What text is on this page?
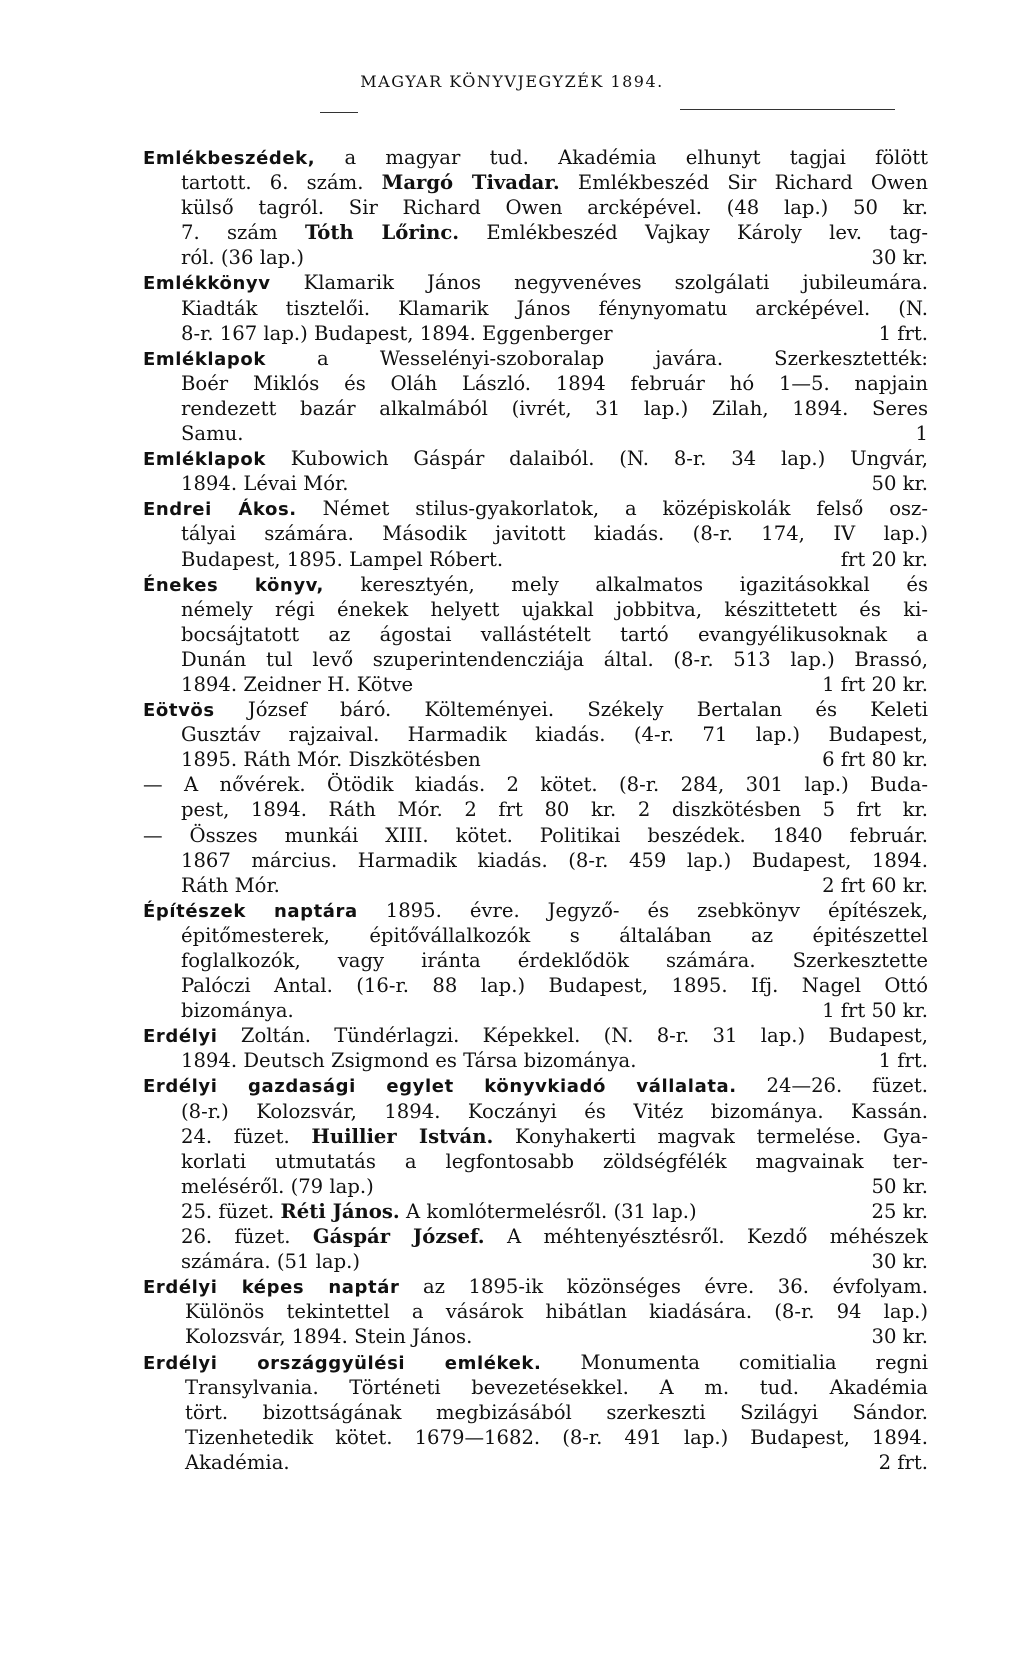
MAGYAR KÖNYVJEGYZÉK 1894.
Emlékbeszédek, a magyar tud. Akadémia elhunyt tagjai fölött
tartott. 6. szám. Margó Tivadar. Emlékbeszéd Sir Richard Owen
külső tagról. Sir Richard Owen arcképével. (48 lap.) 50 kr.
7. szám Tóth Lőrinc. Emlékbeszéd Vajkay Károly lev. tag-
30 kr.
ról. (36 lap.)
Emlékkönyv Klamarik János negyvenéves szolgálati jubileumára.
Kiadták tisztelői. Klamarik János fénynyomatu arcképével. (N.
1 frt.
8-r. 167 lap.) Budapest, 1894. Eggenberger
Emléklapok a Wesselényi-szoboralap javára. Szerkesztették:
Boér Miklós és Oláh László. 1894 február hó 1—5. napjain
rendezett bazár alkalmából (ivrét, 31 lap.) Zilah, 1894. Seres
1
Samu.
Emléklapok Kubowich Gáspár dalaiból. (N. 8-r. 34 lap.) Ungvár,
50 kr.
1894. Lévai Mór.
Endrei Ákos. Német stilus-gyakorlatok, a középiskolák felső osz-
tályai számára. Második javitott kiadás. (8-r. 174, IV lap.)
frt 20 kr.
Budapest, 1895. Lampel Róbert.
Énekes könyv, keresztyén, mely alkalmatos igazitásokkal és
némely régi énekek helyett ujakkal jobbitva, készittetett és ki-
bocsájtatott az ágostai vallástételt tartó evangyélikusoknak a
Dunán tul levő szuperintendencziája által. (8-r. 513 lap.) Brassó,
1 frt 20 kr.
1894. Zeidner H. Kötve
Eötvös József báró. Költeményei. Székely Bertalan és Keleti
Gusztáv rajzaival. Harmadik kiadás. (4-r. 71 lap.) Budapest,
6 frt 80 kr.
1895. Ráth Mór. Diszkötésben
— A nővérek. Ötödik kiadás. 2 kötet. (8-r. 284, 301 lap.) Buda-
pest, 1894. Ráth Mór. 2 frt 80 kr. 2 diszkötésben 5 frt kr.
— Összes munkái XIII. kötet. Politikai beszédek. 1840 február.
1867 március. Harmadik kiadás. (8-r. 459 lap.) Budapest, 1894.
2 frt 60 kr.
Ráth Mór.
Építészek naptára 1895. évre. Jegyző- és zsebkönyv építészek,
épitőmesterek, épitővállalkozók s általában az épitészettel
foglalkozók, vagy iránta érdeklődök számára. Szerkesztette
Palóczi Antal. (16-r. 88 lap.) Budapest, 1895. Ifj. Nagel Ottó
1 frt 50 kr.
bizománya.
Erdélyi Zoltán. Tündérlagzi. Képekkel. (N. 8-r. 31 lap.) Budapest,
1 frt.
1894. Deutsch Zsigmond es Társa bizománya.
Erdélyi gazdasági egylet könyvkiadó vállalata. 24—26. füzet.
(8-r.) Kolozsvár, 1894. Koczányi és Vitéz bizománya. Kassán.
24. füzet. Huillier István. Konyhakerti magvak termelése. Gya-
korlati utmutatás a legfontosabb zöldségfélék magvainak ter-
50 kr.
meléséről. (79 lap.)
25 kr.
25. füzet. Réti János. A komlótermelésről. (31 lap.)
26. füzet. Gáspár József. A méhtenyésztésről. Kezdő méhészek
30 kr.
számára. (51 lap.)
Erdélyi képes naptár az 1895-ik közönséges évre. 36. évfolyam.
Különös tekintettel a vásárok hibátlan kiadására. (8-r. 94 lap.)
30 kr.
Kolozsvár, 1894. Stein János.
Erdélyi országgyülési emlékek. Monumenta comitialia regni
Transylvania. Történeti bevezetésekkel. A m. tud. Akadémia
tört. bizottságának megbizásából szerkeszti Szilágyi Sándor.
Tizenhetedik kötet. 1679—1682. (8-r. 491 lap.) Budapest, 1894.
2 frt.
Akadémia.
